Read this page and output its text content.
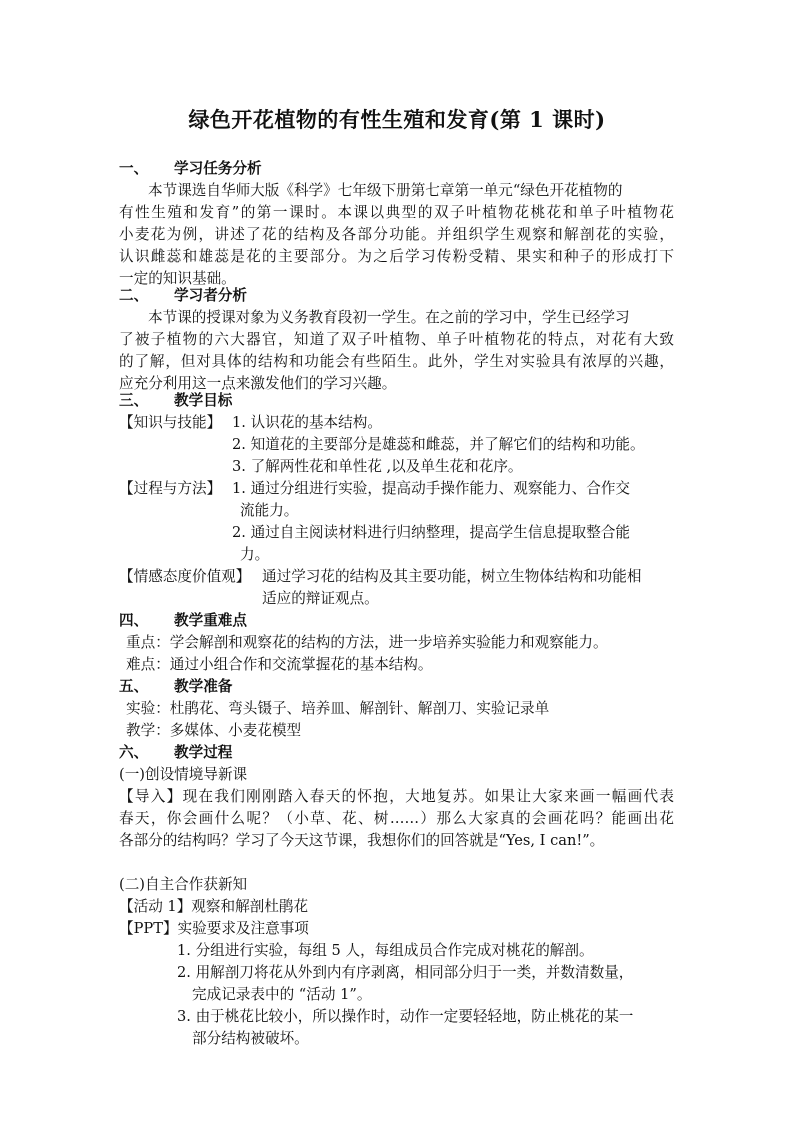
绿色开花植物的有性生殖和发育(第 1 课时)
一、 学习任务分析
本节课选自华师大版《科学》七年级下册第七章第一单元“绿色开花植物的
有性生殖和发育”的第一课时。本课以典型的双子叶植物花桃花和单子叶植物花
小麦花为例，讲述了花的结构及各部分功能。并组织学生观察和解剖花的实验，
认识雌蕊和雄蕊是花的主要部分。为之后学习传粉受精、果实和种子的形成打下
一定的知识基础。
二、 学习者分析
本节课的授课对象为义务教育段初一学生。在之前的学习中，学生已经学习
了被子植物的六大器官，知道了双子叶植物、单子叶植物花的特点，对花有大致
的了解，但对具体的结构和功能会有些陌生。此外，学生对实验具有浓厚的兴趣，
应充分利用这一点来激发他们的学习兴趣。
三、 教学目标
【知识与技能】 1. 认识花的基本结构。
2. 知道花的主要部分是雄蕊和雌蕊，并了解它们的结构和功能。
3. 了解两性花和单性花 ,以及单生花和花序。
【过程与方法】 1. 通过分组进行实验，提高动手操作能力、观察能力、合作交
流能力。
2. 通过自主阅读材料进行归纳整理，提高学生信息提取整合能
力。
【情感态度价值观】 通过学习花的结构及其主要功能，树立生物体结构和功能相
适应的辩证观点。
四、 教学重难点
重点：学会解剖和观察花的结构的方法，进一步培养实验能力和观察能力。
难点：通过小组合作和交流掌握花的基本结构。
五、 教学准备
实验：杜鹃花、弯头镊子、培养皿、解剖针、解剖刀、实验记录单
教学：多媒体、小麦花模型
六、 教学过程
(一)创设情境导新课
【导入】现在我们刚刚踏入春天的怀抱，大地复苏。如果让大家来画一幅画代表
春天，你会画什么呢？（小草、花、树……）那么大家真的会画花吗？能画出花
各部分的结构吗？学习了今天这节课，我想你们的回答就是“Yes, I can!”。
(二)自主合作获新知
【活动 1】观察和解剖杜鹃花
【PPT】实验要求及注意事项
1. 分组进行实验，每组 5 人，每组成员合作完成对桃花的解剖。
2. 用解剖刀将花从外到内有序剥离，相同部分归于一类，并数清数量，
完成记录表中的 “活动 1”。
3. 由于桃花比较小，所以操作时，动作一定要轻轻地，防止桃花的某一
部分结构被破坏。
